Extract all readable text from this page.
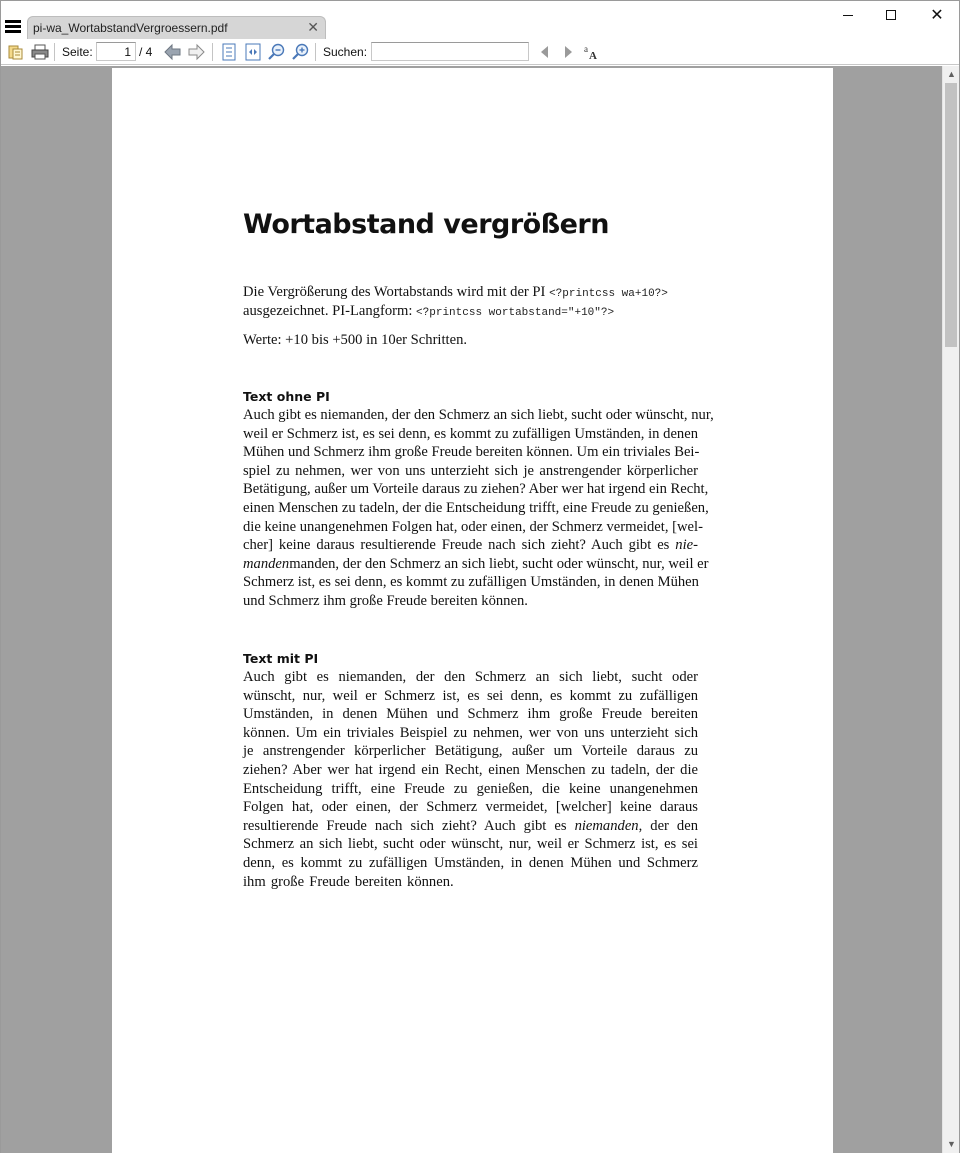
pi-wa_WortabstandVergroessern.pdf	✕
✕
Seite:	1 / 4	Suchen:	a
A
Wortabstand vergrößern
Die Vergrößerung des Wortabstands wird mit der PI <?printcss wa+10?>
ausgezeichnet. PI-Langform: <?printcss wortabstand="+10"?>
Werte: +10 bis +500 in 10er Schritten.
Text ohne PI
Auch gibt es niemanden, der den Schmerz an sich liebt, sucht oder wünscht, nur,
weil er Schmerz ist, es sei denn, es kommt zu zufälligen Umständen, in denen
Mühen und Schmerz ihm große Freude bereiten können. Um ein triviales Bei-
spiel zu nehmen, wer von uns unterzieht sich je anstrengender körperlicher
Betätigung, außer um Vorteile daraus zu ziehen? Aber wer hat irgend ein Recht,
einen Menschen zu tadeln, der die Entscheidung trifft, eine Freude zu genießen,
die keine unangenehmen Folgen hat, oder einen, der Schmerz vermeidet, [wel-
cher] keine daraus resultierende Freude nach sich zieht? Auch gibt es nie-
mandenmanden, der den Schmerz an sich liebt, sucht oder wünscht, nur, weil er
Schmerz ist, es sei denn, es kommt zu zufälligen Umständen, in denen Mühen
und Schmerz ihm große Freude bereiten können.
Text mit PI
Auch gibt es niemanden, der den Schmerz an sich liebt, sucht oder
wünscht, nur, weil er Schmerz ist, es sei denn, es kommt zu zufälligen
Umständen, in denen Mühen und Schmerz ihm große Freude bereiten
können. Um ein triviales Beispiel zu nehmen, wer von uns unterzieht sich
je anstrengender körperlicher Betätigung, außer um Vorteile daraus zu
ziehen? Aber wer hat irgend ein Recht, einen Menschen zu tadeln, der die
Entscheidung trifft, eine Freude zu genießen, die keine unangenehmen
Folgen hat, oder einen, der Schmerz vermeidet, [welcher] keine daraus
resultierende Freude nach sich zieht? Auch gibt es niemanden, der den
Schmerz an sich liebt, sucht oder wünscht, nur, weil er Schmerz ist, es sei
denn, es kommt zu zufälligen Umständen, in denen Mühen und Schmerz
ihm große Freude bereiten können.
▲
▼
